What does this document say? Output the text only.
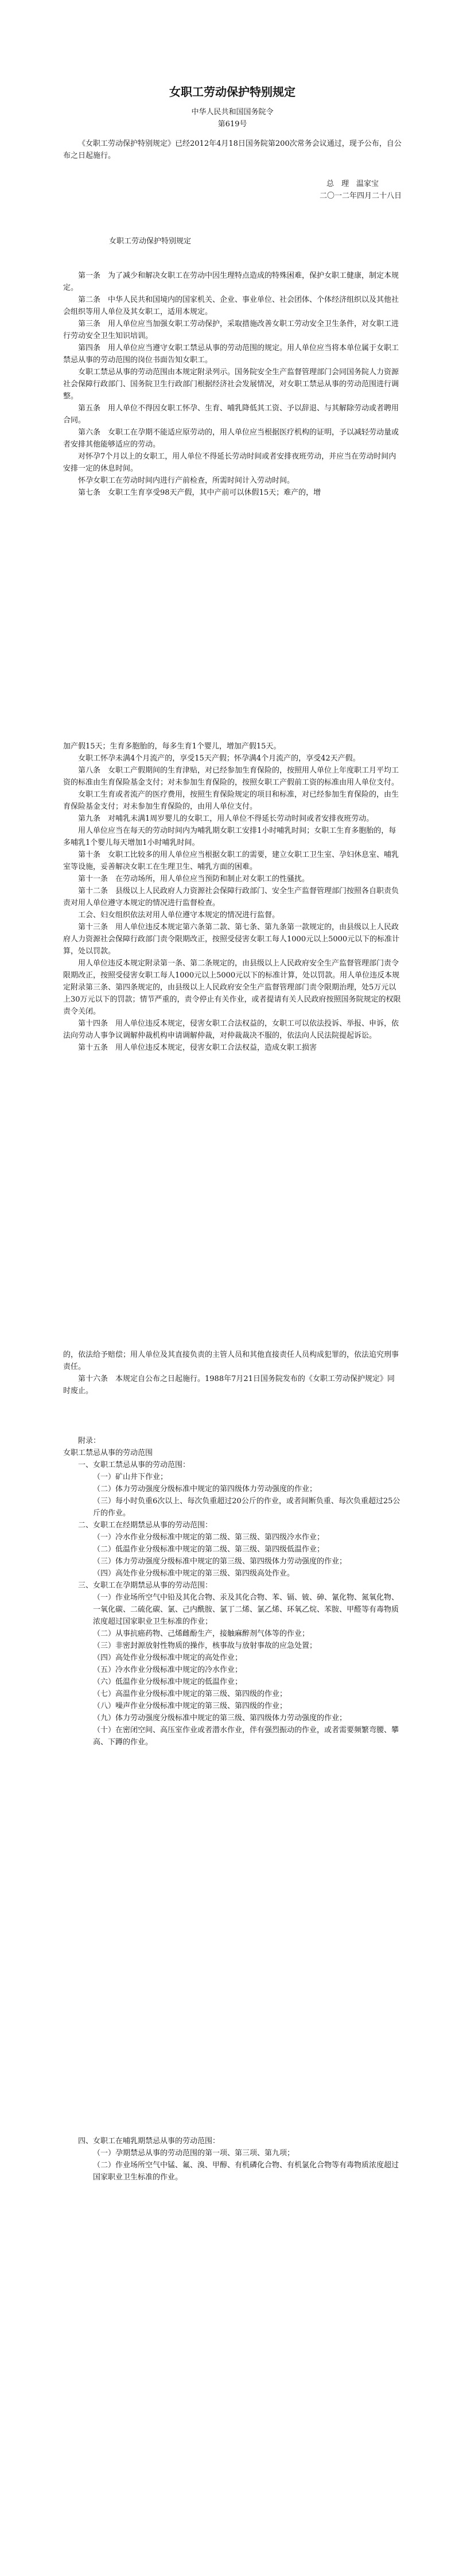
女职工劳动保护特别规定

中华人民共和国国务院令

第619号

《女职工劳动保护特别规定》已经2012年4月18日国务院第200次常务会议通过，现予公布，自公布之日起施行。

总　理　温家宝

二〇一二年四月二十八日

女职工劳动保护特别规定

第一条　为了减少和解决女职工在劳动中因生理特点造成的特殊困难，保护女职工健康，制定本规定。

第二条　中华人民共和国境内的国家机关、企业、事业单位、社会团体、个体经济组织以及其他社会组织等用人单位及其女职工，适用本规定。

第三条　用人单位应当加强女职工劳动保护，采取措施改善女职工劳动安全卫生条件，对女职工进行劳动安全卫生知识培训。

第四条　用人单位应当遵守女职工禁忌从事的劳动范围的规定。用人单位应当将本单位属于女职工禁忌从事的劳动范围的岗位书面告知女职工。

女职工禁忌从事的劳动范围由本规定附录列示。国务院安全生产监督管理部门会同国务院人力资源社会保障行政部门、国务院卫生行政部门根据经济社会发展情况，对女职工禁忌从事的劳动范围进行调整。

第五条　用人单位不得因女职工怀孕、生育、哺乳降低其工资、予以辞退、与其解除劳动或者聘用合同。

第六条　女职工在孕期不能适应原劳动的，用人单位应当根据医疗机构的证明，予以减轻劳动量或者安排其他能够适应的劳动。

对怀孕7个月以上的女职工，用人单位不得延长劳动时间或者安排夜班劳动，并应当在劳动时间内安排一定的休息时间。

怀孕女职工在劳动时间内进行产前检查，所需时间计入劳动时间。

第七条　女职工生育享受98天产假，其中产前可以休假15天；难产的，增

加产假15天；生育多胞胎的，每多生育1个婴儿，增加产假15天。

女职工怀孕未满4个月流产的，享受15天产假；怀孕满4个月流产的，享受42天产假。

第八条　女职工产假期间的生育津贴，对已经参加生育保险的，按照用人单位上年度职工月平均工资的标准由生育保险基金支付；对未参加生育保险的，按照女职工产假前工资的标准由用人单位支付。

女职工生育或者流产的医疗费用，按照生育保险规定的项目和标准，对已经参加生育保险的，由生育保险基金支付；对未参加生育保险的，由用人单位支付。

第九条　对哺乳未满1周岁婴儿的女职工，用人单位不得延长劳动时间或者安排夜班劳动。

用人单位应当在每天的劳动时间内为哺乳期女职工安排1小时哺乳时间；女职工生育多胞胎的，每多哺乳1个婴儿每天增加1小时哺乳时间。

第十条　女职工比较多的用人单位应当根据女职工的需要，建立女职工卫生室、孕妇休息室、哺乳室等设施，妥善解决女职工在生理卫生、哺乳方面的困难。

第十一条　在劳动场所，用人单位应当预防和制止对女职工的性骚扰。

第十二条　县级以上人民政府人力资源社会保障行政部门、安全生产监督管理部门按照各自职责负责对用人单位遵守本规定的情况进行监督检查。

工会、妇女组织依法对用人单位遵守本规定的情况进行监督。

第十三条　用人单位违反本规定第六条第二款、第七条、第九条第一款规定的，由县级以上人民政府人力资源社会保障行政部门责令限期改正，按照受侵害女职工每人1000元以上5000元以下的标准计算，处以罚款。

用人单位违反本规定附录第一条、第二条规定的，由县级以上人民政府安全生产监督管理部门责令限期改正，按照受侵害女职工每人1000元以上5000元以下的标准计算，处以罚款。用人单位违反本规定附录第三条、第四条规定的，由县级以上人民政府安全生产监督管理部门责令限期治理，处5万元以上30万元以下的罚款；情节严重的，责令停止有关作业，或者提请有关人民政府按照国务院规定的权限责令关闭。

第十四条　用人单位违反本规定，侵害女职工合法权益的，女职工可以依法投诉、举报、申诉，依法向劳动人事争议调解仲裁机构申请调解仲裁，对仲裁裁决不服的，依法向人民法院提起诉讼。

第十五条　用人单位违反本规定，侵害女职工合法权益，造成女职工损害

的，依法给予赔偿；用人单位及其直接负责的主管人员和其他直接责任人员构成犯罪的，依法追究刑事责任。

第十六条　本规定自公布之日起施行。1988年7月21日国务院发布的《女职工劳动保护规定》同时废止。

附录：

女职工禁忌从事的劳动范围

一、女职工禁忌从事的劳动范围：

（一）矿山井下作业；

（二）体力劳动强度分级标准中规定的第四级体力劳动强度的作业；

（三）每小时负重6次以上、每次负重超过20公斤的作业，或者间断负重、每次负重超过25公斤的作业。

二、女职工在经期禁忌从事的劳动范围：

（一）冷水作业分级标准中规定的第二级、第三级、第四级冷水作业；

（二）低温作业分级标准中规定的第二级、第三级、第四级低温作业；

（三）体力劳动强度分级标准中规定的第三级、第四级体力劳动强度的作业；

（四）高处作业分级标准中规定的第三级、第四级高处作业。

三、女职工在孕期禁忌从事的劳动范围：

（一）作业场所空气中铅及其化合物、汞及其化合物、苯、镉、铍、砷、氰化物、氮氧化物、一氧化碳、二硫化碳、氯、己内酰胺、氯丁二烯、氯乙烯、环氧乙烷、苯胺、甲醛等有毒物质浓度超过国家职业卫生标准的作业；

（二）从事抗癌药物、己烯雌酚生产，接触麻醉剂气体等的作业；

（三）非密封源放射性物质的操作，核事故与放射事故的应急处置；

（四）高处作业分级标准中规定的高处作业；

（五）冷水作业分级标准中规定的冷水作业；

（六）低温作业分级标准中规定的低温作业；

（七）高温作业分级标准中规定的第三级、第四级的作业；

（八）噪声作业分级标准中规定的第三级、第四级的作业；

（九）体力劳动强度分级标准中规定的第三级、第四级体力劳动强度的作业；

（十）在密闭空间、高压室作业或者潜水作业，伴有强烈振动的作业，或者需要频繁弯腰、攀高、下蹲的作业。

四、女职工在哺乳期禁忌从事的劳动范围：

（一）孕期禁忌从事的劳动范围的第一项、第三项、第九项；

（二）作业场所空气中锰、氟、溴、甲醇、有机磷化合物、有机氯化合物等有毒物质浓度超过国家职业卫生标准的作业。
